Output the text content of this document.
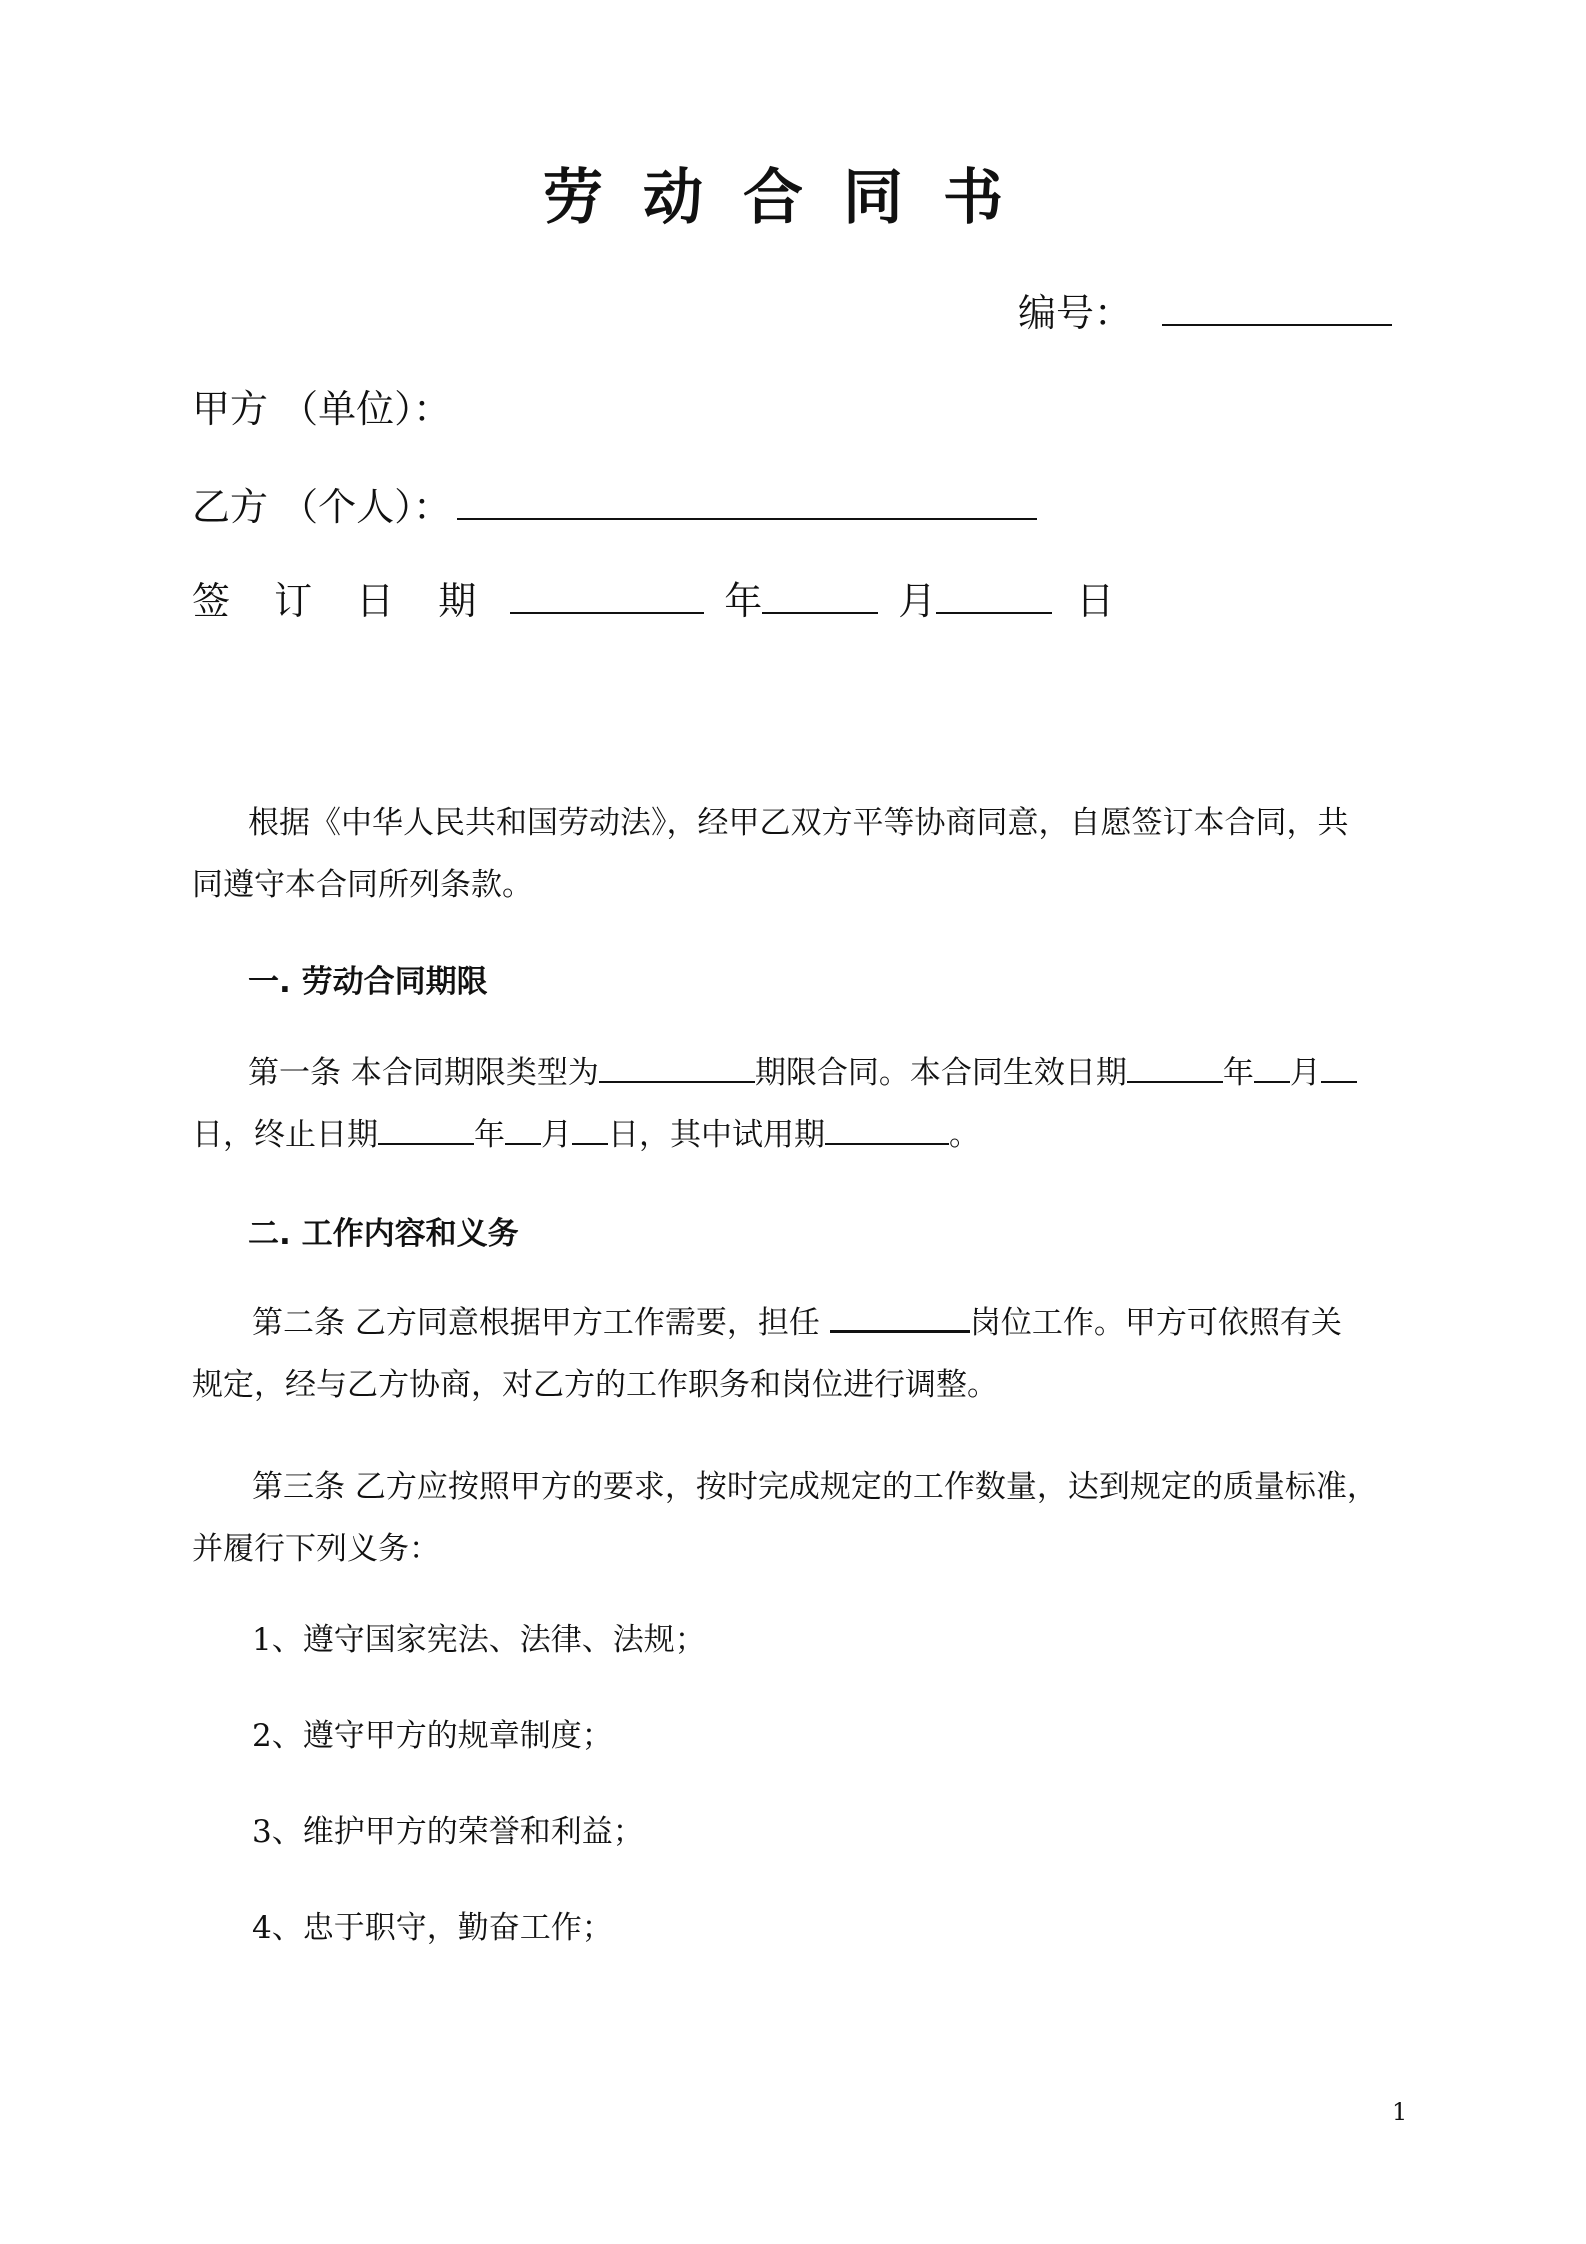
劳动合同书
编号：
甲方 （单位）：
乙方 （个人）：
签 订 日 期	年	月	日
根据《中华人民共和国劳动法》，经甲乙双方平等协商同意，自愿签订本合同，共
同遵守本合同所列条款。
一. 劳动合同期限
第一条 本合同期限类型为	期限合同。本合同生效日期	年 月
日，终止日期	年 月 日，其中试用期	。
二. 工作内容和义务
第二条 乙方同意根据甲方工作需要，担任	岗位工作。甲方可依照有关
规定，经与乙方协商，对乙方的工作职务和岗位进行调整。
第三条 乙方应按照甲方的要求，按时完成规定的工作数量，达到规定的质量标准，
并履行下列义务：
1、遵守国家宪法、法律、法规；
2、遵守甲方的规章制度；
3、维护甲方的荣誉和利益；
4、忠于职守，勤奋工作；
1
